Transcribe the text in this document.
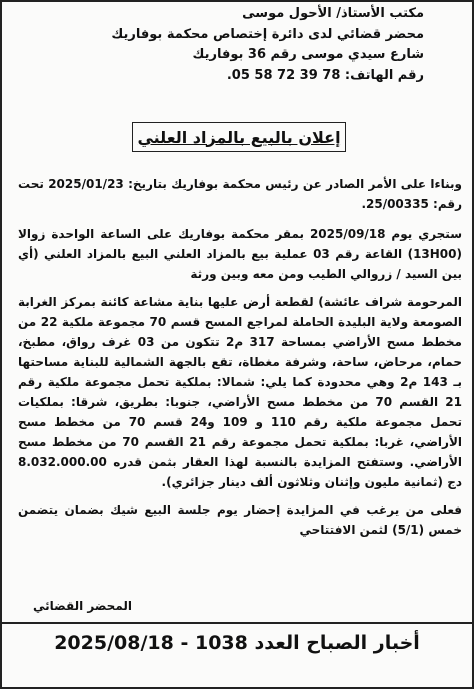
مكتب الأستاذ/ الأحول موسى
محضر قضائي لدى دائرة إختصاص محكمة بوفاريك
شارع سيدي موسى رقم 36 بوفاريك
رقم الهاتف: 78 39 72 58 05.
إعلان بالبيع بالمزاد العلني

وبناءا على الأمر الصادر عن رئيس محكمة بوفاريك بتاريخ: 2025/01/23 تحت رقم: 25/00335.

ستجري يوم 2025/09/18 بمقر محكمة بوفاريك على الساعة الواحدة زوالا (13H00) القاعة رقم 03 عملية بيع بالمزاد العلني البيع بالمزاد العلني (أي بين السيد / زروالي الطيب ومن معه وبين ورثة

المرحومة شراف عائشة) لقطعة أرض عليها بناية مشاعة كائنة بمركز الغرابة الصومعة ولاية البليدة الحاملة لمراجع المسح قسم 70 مجموعة ملكية 22 من مخطط مسح الأراضي بمساحة 317 م2 تتكون من 03 غرف رواق، مطبخ، حمام، مرحاض، ساحة، وشرفة مغطاة، تقع بالجهة الشمالية للبناية مساحتها بـ 143 م2 وهي محدودة كما يلي: شمالا: بملكية تحمل مجموعة ملكية رقم 21 القسم 70 من مخطط مسح الأراضي، جنوبا: بطريق، شرقا: بملكيات تحمل مجموعة ملكية رقم 110 و 109 و24 قسم 70 من مخطط مسح الأراضي، غربا: بملكية تحمل مجموعة رقم 21 القسم 70 من مخطط مسح الأراضي. وستفتح المزايدة بالنسبة لهذا العقار بثمن قدره 8.032.000.00 دج (ثمانية مليون وإثنان وثلاثون ألف دينار جزائري).

فعلى من يرغب في المزايدة إحضار يوم جلسة البيع شيك بضمان يتضمن خمس (5/1) لثمن الافتتاحي

المحضر القضائي
أخبار الصباح العدد 1038 -

2025/08/18
